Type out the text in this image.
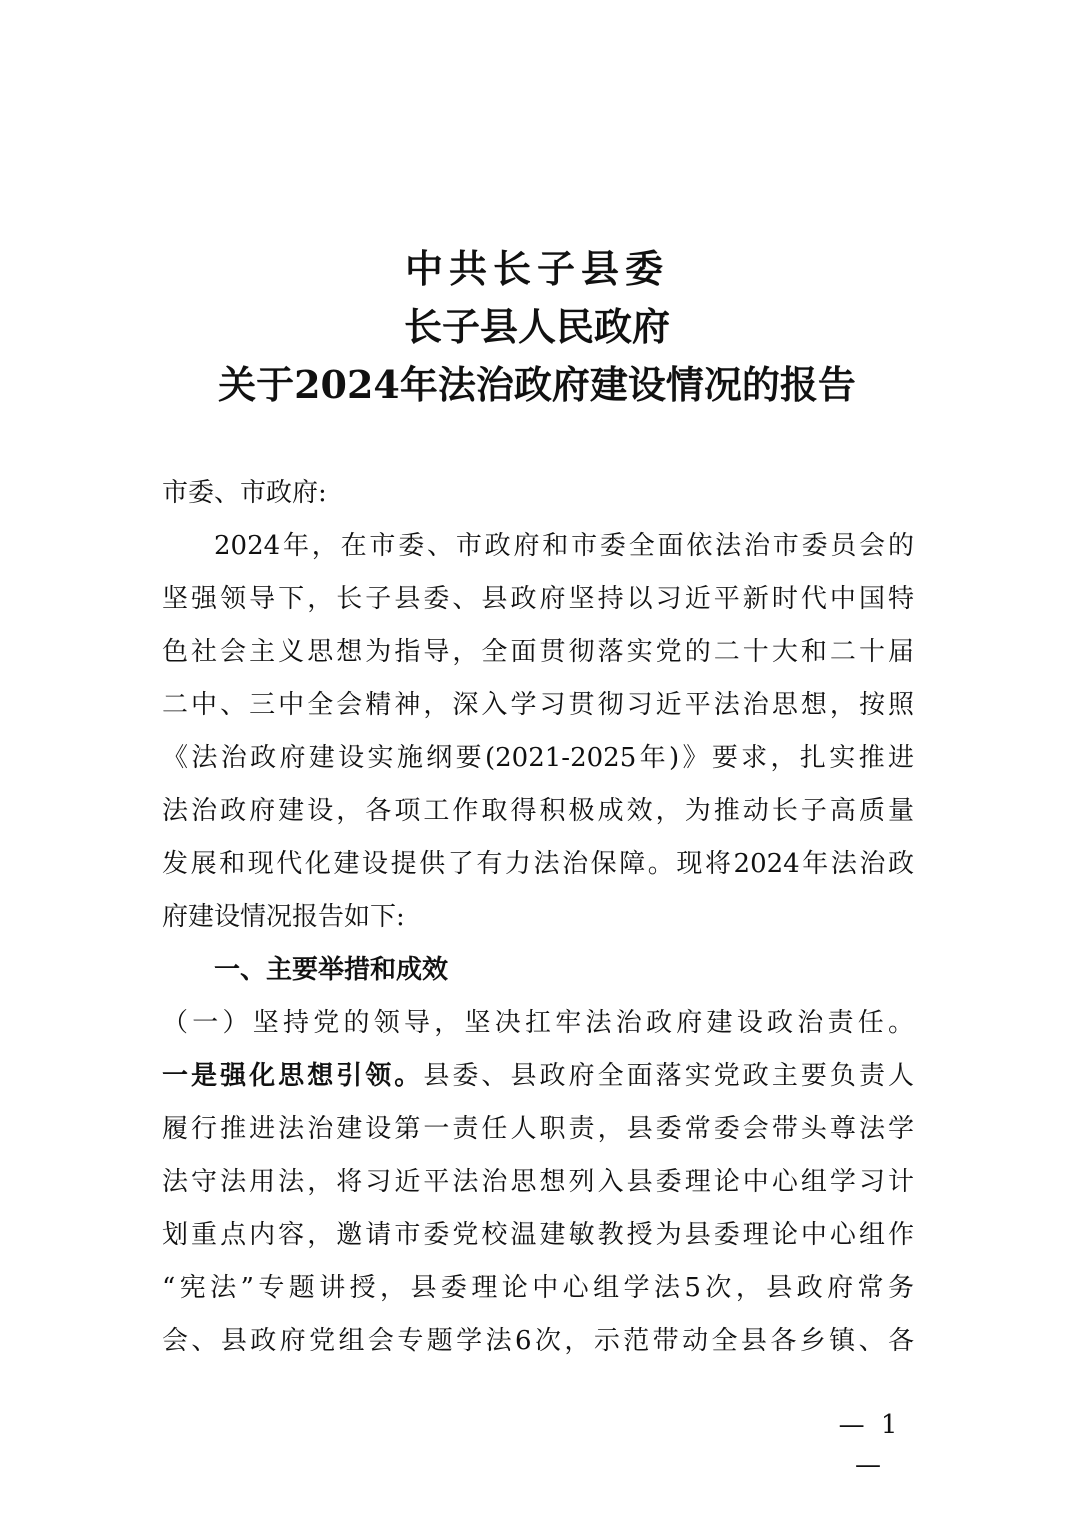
中共长子县委
长子县人民政府
关于2024年法治政府建设情况的报告
市委、市政府:
2024年，在市委、市政府和市委全面依法治市委员会的
坚强领导下，长子县委、县政府坚持以习近平新时代中国特
色社会主义思想为指导，全面贯彻落实党的二十大和二十届
二中、三中全会精神，深入学习贯彻习近平法治思想，按照
《法治政府建设实施纲要(2021-2025年)》要求，扎实推进
法治政府建设，各项工作取得积极成效，为推动长子高质量
发展和现代化建设提供了有力法治保障。现将2024年法治政
府建设情况报告如下:
一、主要举措和成效
（一）坚持党的领导，坚决扛牢法治政府建设政治责任。
一是强化思想引领。县委、县政府全面落实党政主要负责人
履行推进法治建设第一责任人职责，县委常委会带头尊法学
法守法用法，将习近平法治思想列入县委理论中心组学习计
划重点内容，邀请市委党校温建敏教授为县委理论中心组作
“宪法”专题讲授，县委理论中心组学法5次，县政府常务
会、县政府党组会专题学法6次，示范带动全县各乡镇、各
— 1 —
